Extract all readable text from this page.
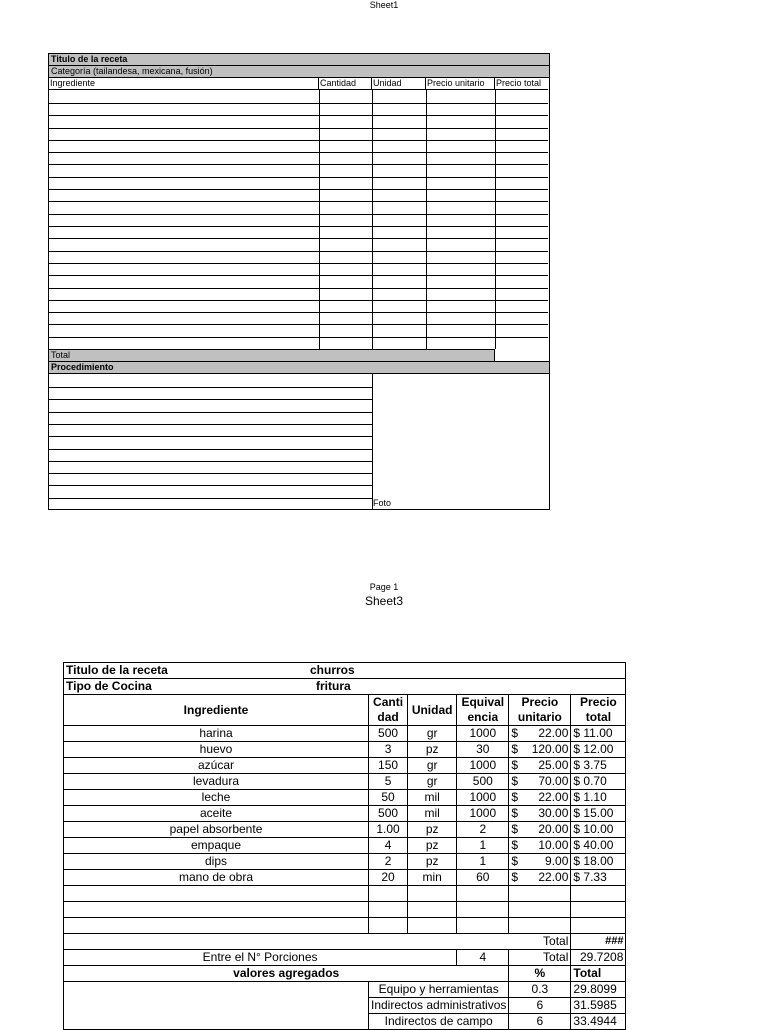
Sheet1
Titulo de la receta
Categoría (tailandesa, mexicana, fusión)
Ingrediente	Cantidad	Unidad	Precio unitario	Precio total
Total
Procedimiento
Foto
Page 1
Sheet3
Titulo de la receta churros					
Tipo de Cocina fritura					
Ingrediente	Canti dad	Unidad	Equival encia	Precio unitario	Precio total
harina	500	gr	1000	$ 22.00	$ 11.00
huevo	3	pz	30	$ 120.00	$ 12.00
azúcar	150	gr	1000	$ 25.00	$ 3.75
levadura	5	gr	500	$ 70.00	$ 0.70
leche	50	mil	1000	$ 22.00	$ 1.10
aceite	500	mil	1000	$ 30.00	$ 15.00
papel absorbente	1.00	pz	2	$ 20.00	$ 10.00
empaque	4	pz	1	$ 10.00	$ 40.00
dips	2	pz	1	$ 9.00	$ 18.00
mano de obra	20	min	60	$ 22.00	$ 7.33

Total					###
Entre el N° Porciones			4	Total	29.7208
valores agregados				%	Total
	Equipo y herramientas			0.3	29.8099
	Indirectos administrativos			6	31.5985
	Indirectos de campo			6	33.4944
